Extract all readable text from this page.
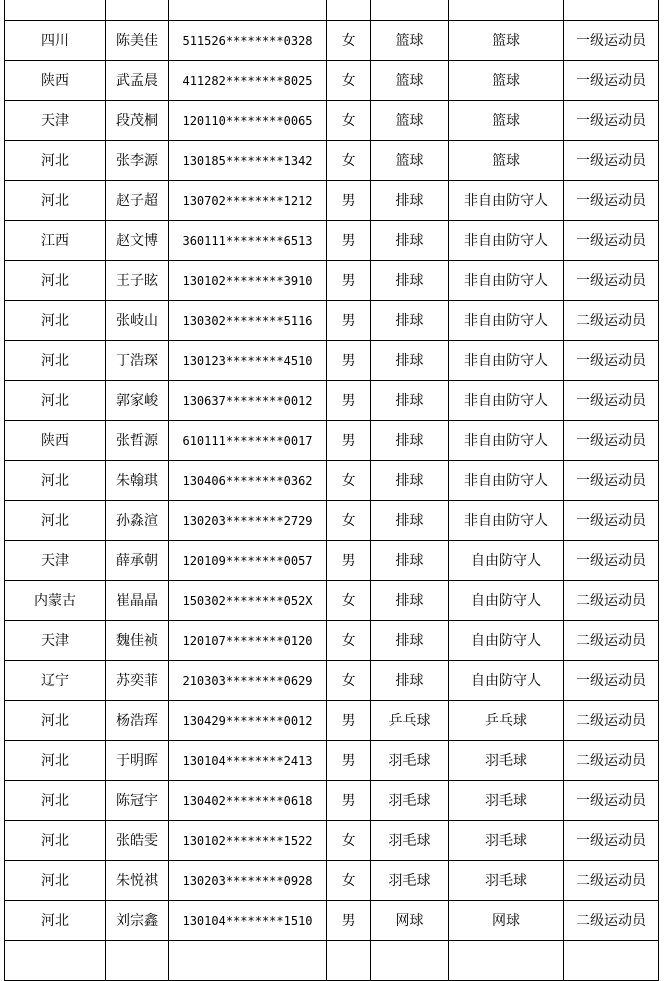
四川	陈美佳	511526********0328	女	篮球	篮球	一级运动员
陕西	武孟晨	411282********8025	女	篮球	篮球	一级运动员
天津	段茂桐	120110********0065	女	篮球	篮球	一级运动员
河北	张李源	130185********1342	女	篮球	篮球	一级运动员
河北	赵子超	130702********1212	男	排球	非自由防守人	一级运动员
江西	赵文博	360111********6513	男	排球	非自由防守人	一级运动员
河北	王子眩	130102********3910	男	排球	非自由防守人	一级运动员
河北	张岐山	130302********5116	男	排球	非自由防守人	二级运动员
河北	丁浩琛	130123********4510	男	排球	非自由防守人	一级运动员
河北	郭家峻	130637********0012	男	排球	非自由防守人	一级运动员
陕西	张哲源	610111********0017	男	排球	非自由防守人	一级运动员
河北	朱翰琪	130406********0362	女	排球	非自由防守人	一级运动员
河北	孙淼渲	130203********2729	女	排球	非自由防守人	一级运动员
天津	薛承朝	120109********0057	男	排球	自由防守人	一级运动员
内蒙古	崔晶晶	150302********052X	女	排球	自由防守人	二级运动员
天津	魏佳祯	120107********0120	女	排球	自由防守人	二级运动员
辽宁	苏奕菲	210303********0629	女	排球	自由防守人	一级运动员
河北	杨浩珲	130429********0012	男	乒乓球	乒乓球	二级运动员
河北	于明晖	130104********2413	男	羽毛球	羽毛球	二级运动员
河北	陈冠宇	130402********0618	男	羽毛球	羽毛球	一级运动员
河北	张皓雯	130102********1522	女	羽毛球	羽毛球	一级运动员
河北	朱悦祺	130203********0928	女	羽毛球	羽毛球	二级运动员
河北	刘宗鑫	130104********1510	男	网球	网球	二级运动员
